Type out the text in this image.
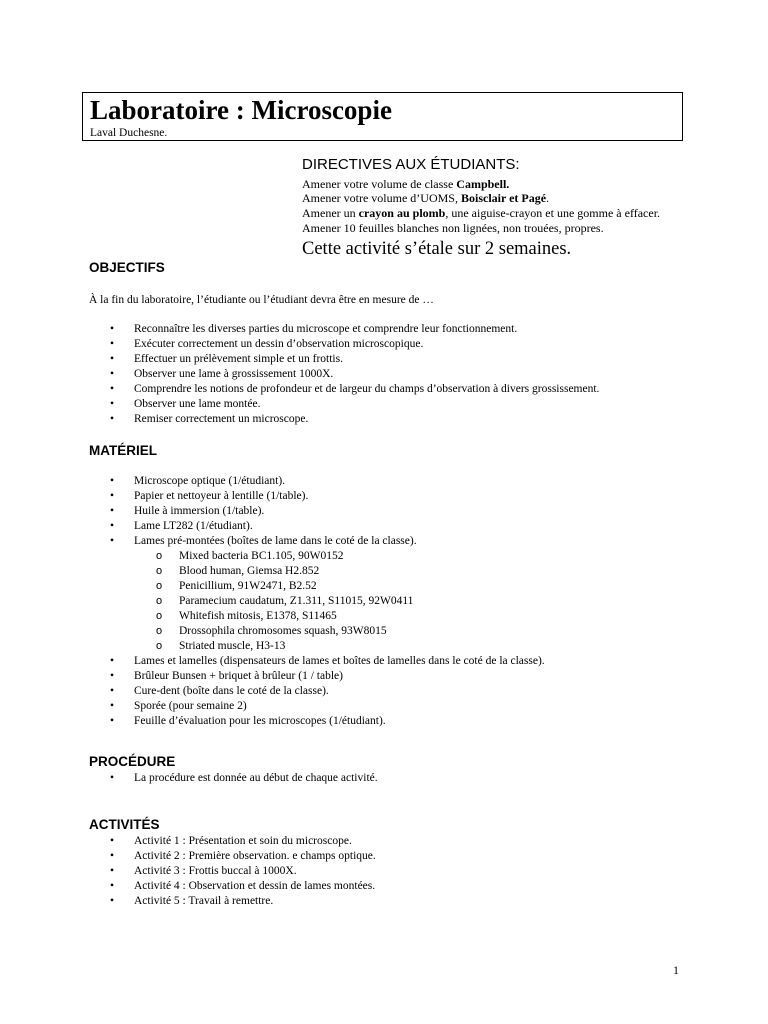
Laboratoire : Microscopie
Laval Duchesne.
DIRECTIVES AUX ÉTUDIANTS:
Amener votre volume de classe Campbell.
Amener votre volume d’UOMS, Boisclair et Pagé.
Amener un crayon au plomb, une aiguise-crayon et une gomme à effacer.
Amener 10 feuilles blanches non lignées, non trouées, propres.
Cette activité s’étale sur 2 semaines.
OBJECTIFS
À la fin du laboratoire, l’étudiante ou l’étudiant devra être en mesure de …
• Reconnaître les diverses parties du microscope et comprendre leur fonctionnement.
• Exécuter correctement un dessin d’observation microscopique.
• Effectuer un prélèvement simple et un frottis.
• Observer une lame à grossissement 1000X.
• Comprendre les notions de profondeur et de largeur du champs d’observation à divers grossissement.
• Observer une lame montée.
• Remiser correctement un microscope.
MATÉRIEL
• Microscope optique (1/étudiant).
• Papier et nettoyeur à lentille (1/table).
• Huile à immersion (1/table).
• Lame LT282 (1/étudiant).
• Lames pré-montées (boîtes de lame dans le coté de la classe).
o Mixed bacteria BC1.105, 90W0152
o Blood human, Giemsa H2.852
o Penicillium, 91W2471, B2.52
o Paramecium caudatum, Z1.311, S11015, 92W0411
o Whitefish mitosis, E1378, S11465
o Drossophila chromosomes squash, 93W8015
o Striated muscle, H3-13
• Lames et lamelles (dispensateurs de lames et boîtes de lamelles dans le coté de la classe).
• Brûleur Bunsen + briquet à brûleur (1 / table)
• Cure-dent (boîte dans le coté de la classe).
• Sporée (pour semaine 2)
• Feuille d’évaluation pour les microscopes (1/étudiant).
PROCÉDURE
• La procédure est donnée au début de chaque activité.
ACTIVITÉS
• Activité 1 : Présentation et soin du microscope.
• Activité 2 : Première observation. e champs optique.
• Activité 3 : Frottis buccal à 1000X.
• Activité 4 : Observation et dessin de lames montées.
• Activité 5 : Travail à remettre.
1
